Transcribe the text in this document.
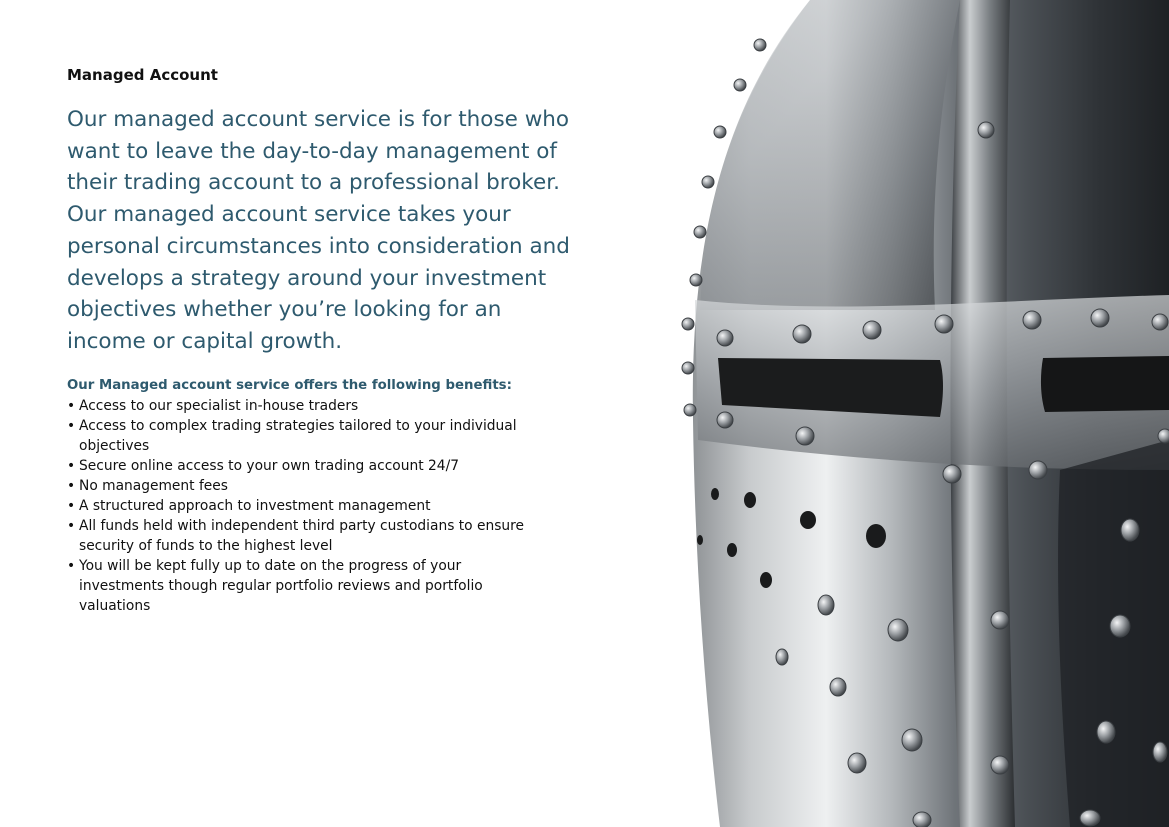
Managed Account

Our managed account service is for those who want to leave the day-to-day management of their trading account to a professional broker. Our managed account service takes your personal circumstances into consideration and develops a strategy around your investment objectives whether you’re looking for an income or capital growth.

Our Managed account service offers the following benefits:

• Access to our specialist in-house traders
• Access to complex trading strategies tailored to your individual objectives
• Secure online access to your own trading account 24/7
• No management fees
• A structured approach to investment management
• All funds held with independent third party custodians to ensure security of funds to the highest level
• You will be kept fully up to date on the progress of your investments though regular portfolio reviews and portfolio valuations
